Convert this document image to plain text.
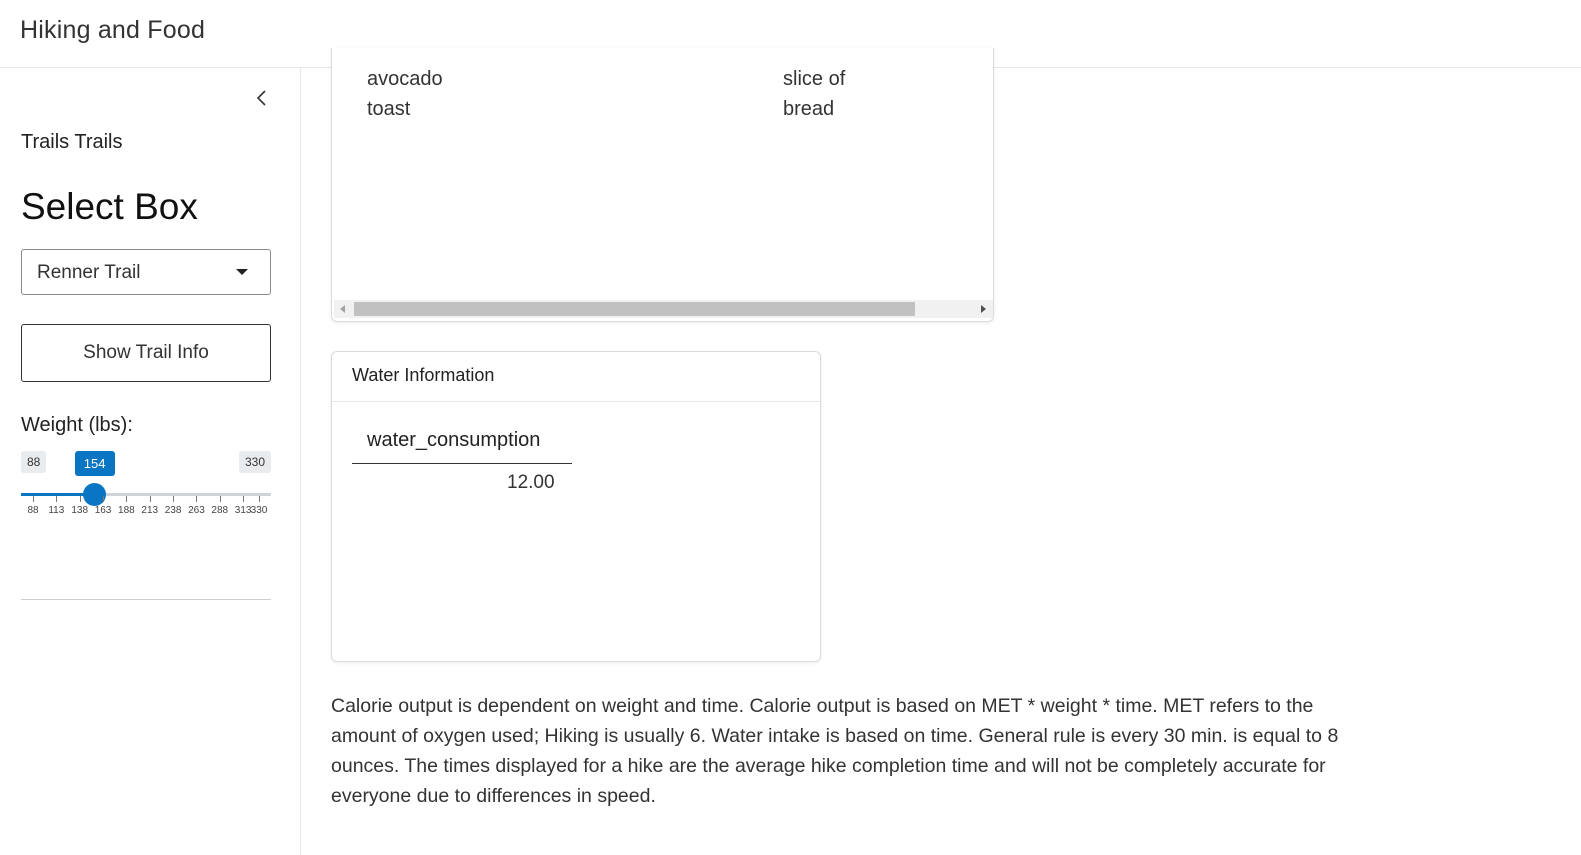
Hiking and Food
Trails Trails
Select Box
Renner Trail
Show Trail Info
Weight (lbs):
88	154	330
88 113 138 163 188 213 238 263 288 313 330
avocado toast
slice of bread
Water Information
water_consumption
12.00
Calorie output is dependent on weight and time. Calorie output is based on MET * weight * time. MET refers to the amount of oxygen used; Hiking is usually 6. Water intake is based on time. General rule is every 30 min. is equal to 8 ounces. The times displayed for a hike are the average hike completion time and will not be completely accurate for everyone due to differences in speed.
